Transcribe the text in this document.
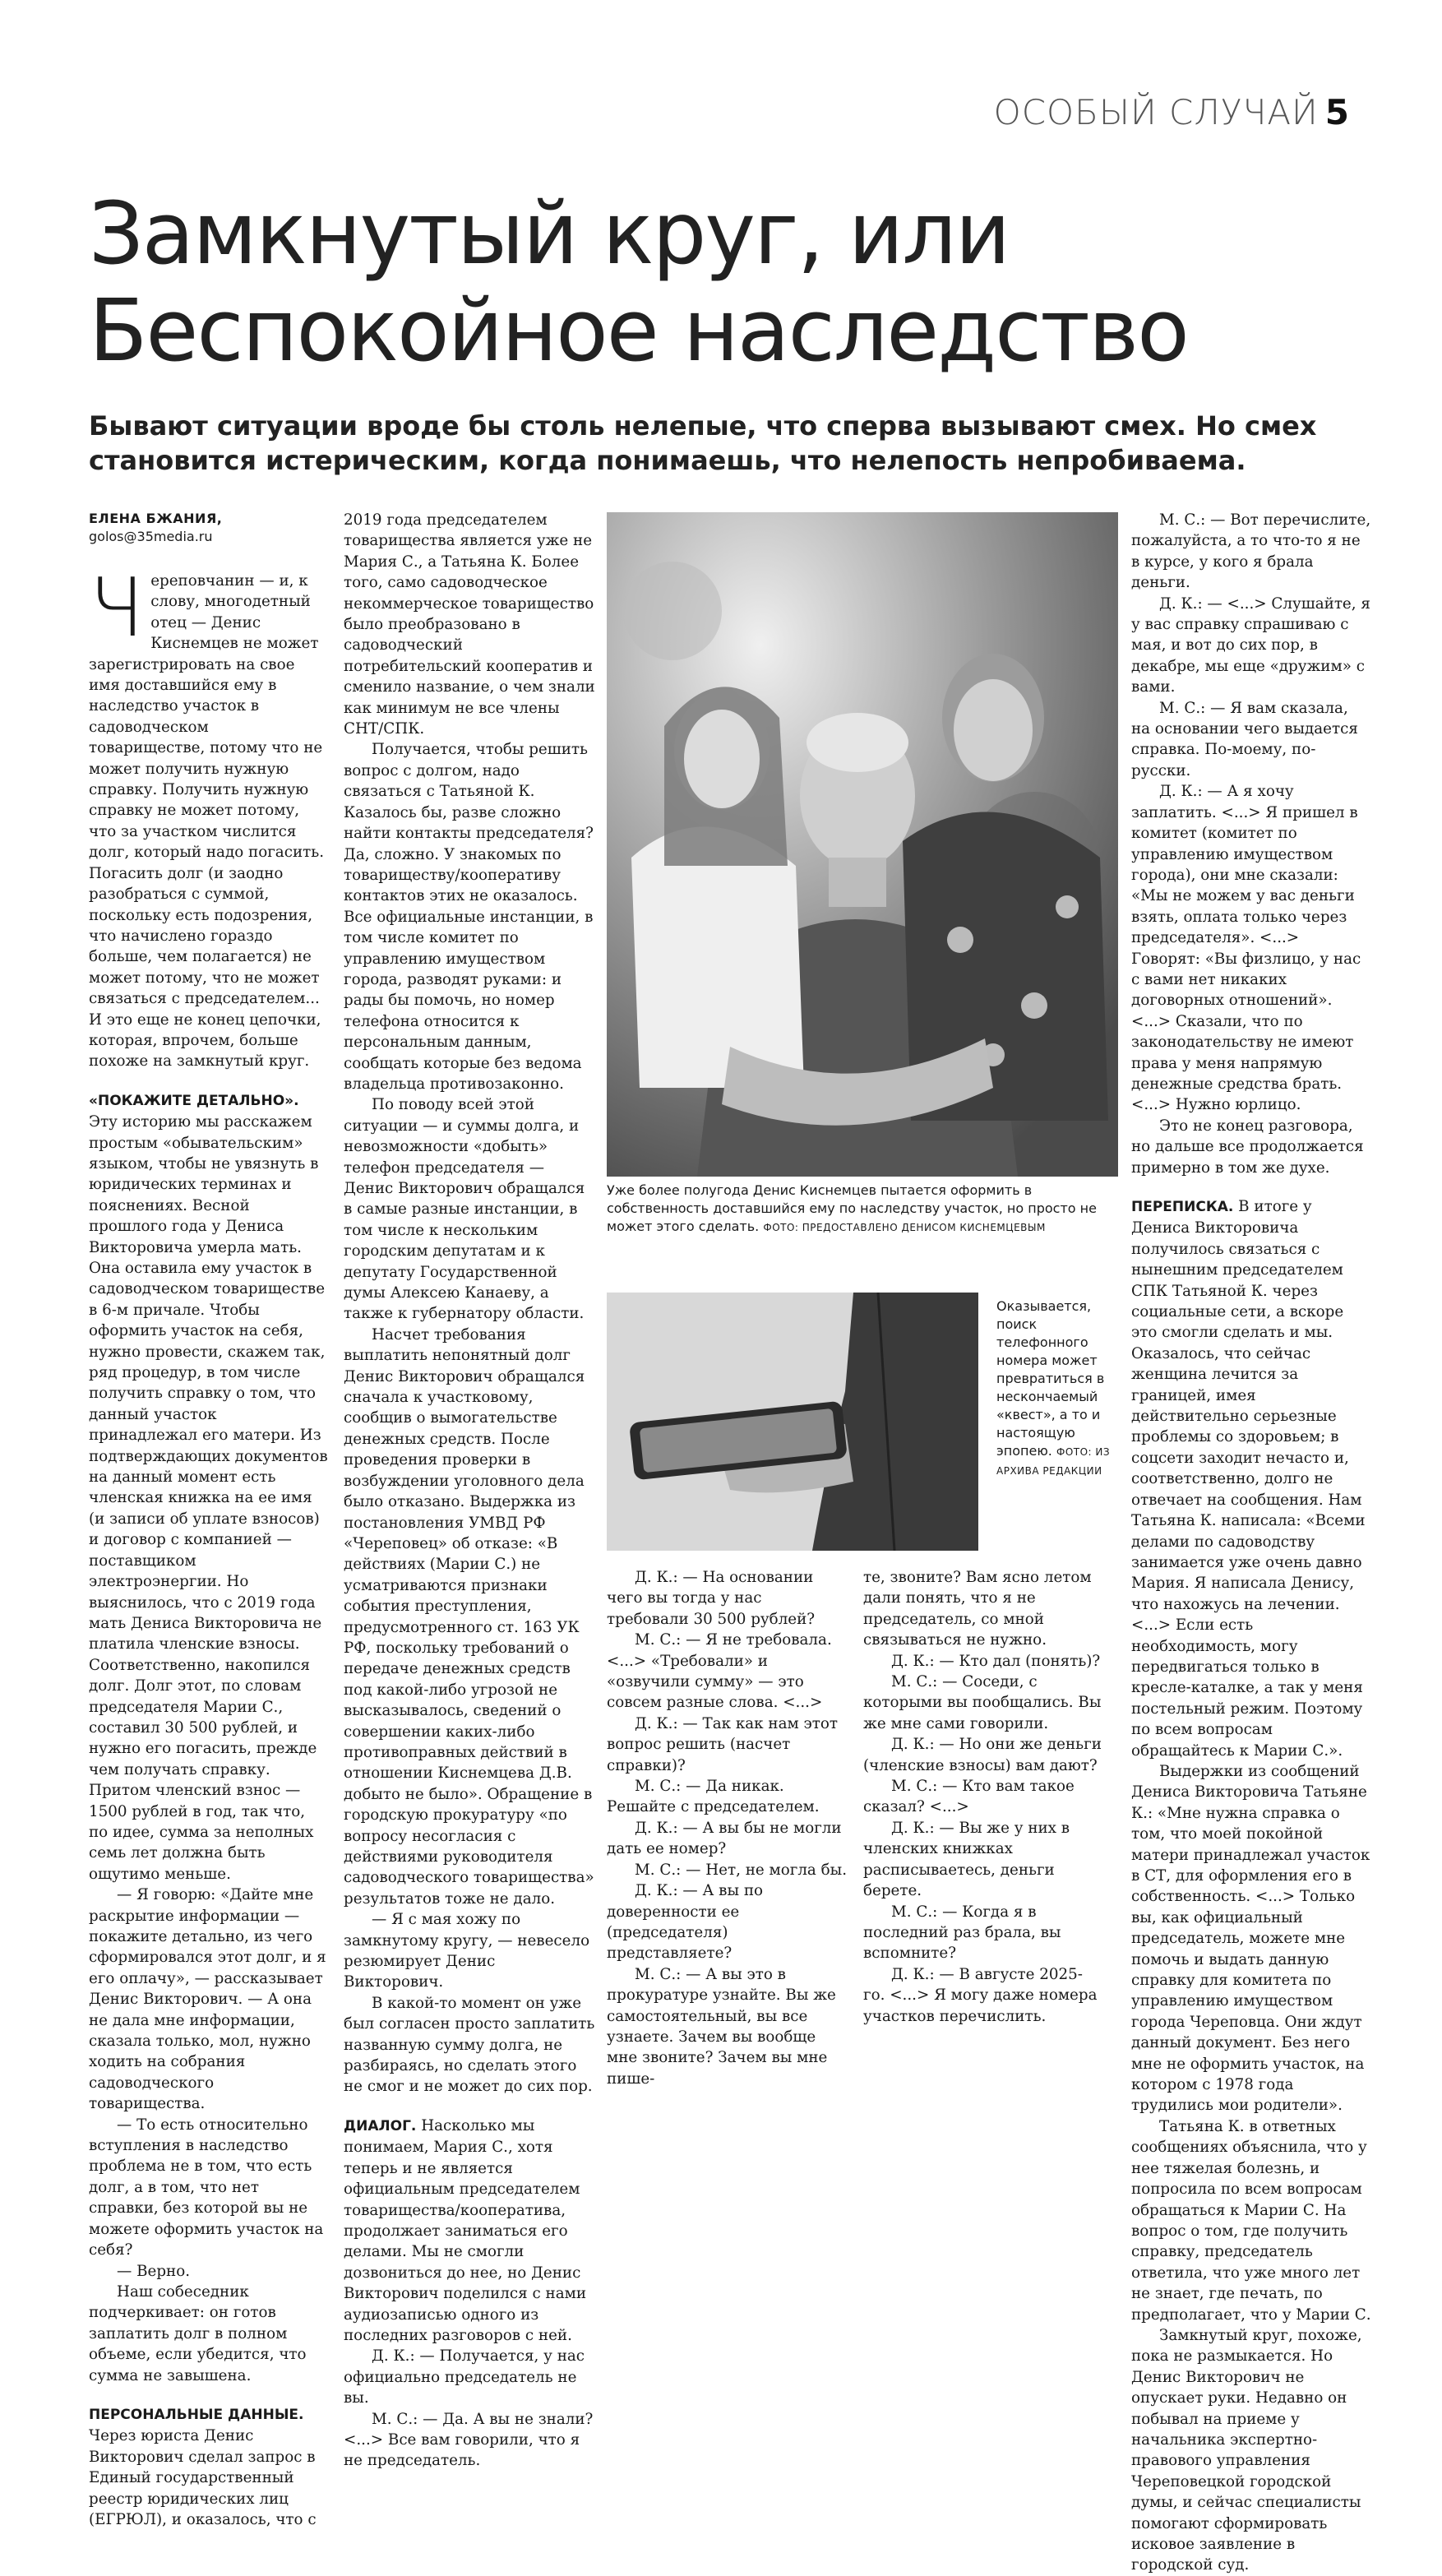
ОСОБЫЙ СЛУЧАЙ 5
Замкнутый круг, или
Беспокойное наследство
Бывают ситуации вроде бы столь нелепые, что сперва вызывают смех. Но смех становится истерическим, когда понимаешь, что нелепость непробиваема.
ЕЛЕНА БЖАНИЯ,
golos@35media.ru

Череповчанин — и, к слову, многодетный отец — Денис Киснемцев не может зарегистрировать на свое имя доставшийся ему в наследство участок в садоводческом товариществе, потому что не может получить нужную справку. Получить нужную справку не может потому, что за участком числится долг, который надо погасить. Погасить долг (и заодно разобраться с суммой, поскольку есть подозрения, что начислено гораздо больше, чем полагается) не может потому, что не может связаться с председателем... И это еще не конец цепочки, которая, впрочем, больше похоже на замкнутый круг.

«ПОКАЖИТЕ ДЕТАЛЬНО». Эту историю мы расскажем простым «обывательским» языком, чтобы не увязнуть в юридических терминах и пояснениях. Весной прошлого года у Дениса Викторовича умерла мать. Она оставила ему участок в садоводческом товариществе в 6-м причале. Чтобы оформить участок на себя, нужно провести, скажем так, ряд процедур, в том числе получить справку о том, что данный участок принадлежал его матери. Из подтверждающих документов на данный момент есть членская книжка на ее имя (и записи об уплате взносов) и договор с компанией — поставщиком электроэнергии. Но выяснилось, что с 2019 года мать Дениса Викторовича не платила членские взносы. Соответственно, накопился долг. Долг этот, по словам председателя Марии С., составил 30 500 рублей, и нужно его погасить, прежде чем получать справку. Притом членский взнос — 1500 рублей в год, так что, по идее, сумма за неполных семь лет должна быть ощутимо меньше.

— Я говорю: «Дайте мне раскрытие информации — покажите детально, из чего сформировался этот долг, и я его оплачу», — рассказывает Денис Викторович. — А она не дала мне информации, сказала только, мол, нужно ходить на собрания садоводческого товарищества.

— То есть относительно вступления в наследство проблема не в том, что есть долг, а в том, что нет справки, без которой вы не можете оформить участок на себя?

— Верно.

Наш собеседник подчеркивает: он готов заплатить долг в полном объеме, если убедится, что сумма не завышена.

ПЕРСОНАЛЬНЫЕ ДАННЫЕ. Через юриста Денис Викторович сделал запрос в Единый государственный реестр юридических лиц (ЕГРЮЛ), и оказалось, что с

2019 года председателем товарищества является уже не Мария С., а Татьяна К. Более того, само садоводческое некоммерческое товарищество было преобразовано в садоводческий потребительский кооператив и сменило название, о чем знали как минимум не все члены СНТ/СПК.

Получается, чтобы решить вопрос с долгом, надо связаться с Татьяной К. Казалось бы, разве сложно найти контакты председателя? Да, сложно. У знакомых по товариществу/кооперативу контактов этих не оказалось. Все официальные инстанции, в том числе комитет по управлению имуществом города, разводят руками: и рады бы помочь, но номер телефона относится к персональным данным, сообщать которые без ведома владельца противозаконно.

По поводу всей этой ситуации — и суммы долга, и невозможности «добыть» телефон председателя — Денис Викторович обращался в самые разные инстанции, в том числе к нескольким городским депутатам и к депутату Государственной думы Алексею Канаеву, а также к губернатору области.

Насчет требования выплатить непонятный долг Денис Викторович обращался сначала к участковому, сообщив о вымогательстве денежных средств. После проведения проверки в возбуждении уголовного дела было отказано. Выдержка из постановления УМВД РФ «Череповец» об отказе: «В действиях (Марии С.) не усматриваются признаки события преступления, предусмотренного ст. 163 УК РФ, поскольку требований о передаче денежных средств под какой-либо угрозой не высказывалось, сведений о совершении каких-либо противоправных действий в отношении Киснемцева Д.В. добыто не было». Обращение в городскую прокуратуру «по вопросу несогласия с действиями руководителя садоводческого товарищества» результатов тоже не дало.

— Я с мая хожу по замкнутому кругу, — невесело резюмирует Денис Викторович.

В какой-то момент он уже был согласен просто заплатить названную сумму долга, не разбираясь, но сделать этого не смог и не может до сих пор.

ДИАЛОГ. Насколько мы понимаем, Мария С., хотя теперь и не является официальным председателем товарищества/кооператива, продолжает заниматься его делами. Мы не смогли дозвониться до нее, но Денис Викторович поделился с нами аудиозаписью одного из последних разговоров с ней.

Д. К.: — Получается, у нас официально председатель не вы.

М. С.: — Да. А вы не знали? <...> Все вам говорили, что я не председатель.

Уже более полугода Денис Киснемцев пытается оформить в собственность доставшийся ему по наследству участок, но просто не может этого сделать. ФОТО: ПРЕДОСТАВЛЕНО ДЕНИСОМ КИСНЕМЦЕВЫМ
Оказывается, поиск телефонного номера может превратиться в нескончаемый «квест», а то и настоящую эпопею. ФОТО: ИЗ АРХИВА РЕДАКЦИИ

Д. К.: — На основании чего вы тогда у нас требовали 30 500 рублей?

М. С.: — Я не требовала. <...> «Требовали» и «озвучили сумму» — это совсем разные слова. <...>

Д. К.: — Так как нам этот вопрос решить (насчет справки)?

М. С.: — Да никак. Решайте с председателем.

Д. К.: — А вы бы не могли дать ее номер?

М. С.: — Нет, не могла бы.

Д. К.: — А вы по доверенности ее (председателя) представляете?

М. С.: — А вы это в прокуратуре узнайте. Вы же самостоятельный, вы все узнаете. Зачем вы вообще мне звоните? Зачем вы мне пише-

те, звоните? Вам ясно летом дали понять, что я не председатель, со мной связываться не нужно.

Д. К.: — Кто дал (понять)?

М. С.: — Соседи, с которыми вы пообщались. Вы же мне сами говорили.

Д. К.: — Но они же деньги (членские взносы) вам дают?

М. С.: — Кто вам такое сказал? <...>

Д. К.: — Вы же у них в членских книжках расписываетесь, деньги берете.

М. С.: — Когда я в последний раз брала, вы вспомните?

Д. К.: — В августе 2025-го. <...> Я могу даже номера участков перечислить.

М. С.: — Вот перечислите, пожалуйста, а то что-то я не в курсе, у кого я брала деньги.

Д. К.: — <...> Слушайте, я у вас справку спрашиваю с мая, и вот до сих пор, в декабре, мы еще «дружим» с вами.

М. С.: — Я вам сказала, на основании чего выдается справка. По-моему, по-русски.

Д. К.: — А я хочу заплатить. <...> Я пришел в комитет (комитет по управлению имуществом города), они мне сказали: «Мы не можем у вас деньги взять, оплата только через председателя». <...> Говорят: «Вы физлицо, у нас с вами нет никаких договорных отношений». <...> Сказали, что по законодательству не имеют права у меня напрямую денежные средства брать. <...> Нужно юрлицо.

Это не конец разговора, но дальше все продолжается примерно в том же духе.

ПЕРЕПИСКА. В итоге у Дениса Викторовича получилось связаться с нынешним председателем СПК Татьяной К. через социальные сети, а вскоре это смогли сделать и мы. Оказалось, что сейчас женщина лечится за границей, имея действительно серьезные проблемы со здоровьем; в соцсети заходит нечасто и, соответственно, долго не отвечает на сообщения. Нам Татьяна К. написала: «Всеми делами по садоводству занимается уже очень давно Мария. Я написала Денису, что нахожусь на лечении. <...> Если есть необходимость, могу передвигаться только в кресле-каталке, а так у меня постельный режим. Поэтому по всем вопросам обращайтесь к Марии С.».

Выдержки из сообщений Дениса Викторовича Татьяне К.: «Мне нужна справка о том, что моей покойной матери принадлежал участок в СТ, для оформления его в собственность. <...> Только вы, как официальный председатель, можете мне помочь и выдать данную справку для комитета по управлению имуществом города Череповца. Они ждут данный документ. Без него мне не оформить участок, на котором с 1978 года трудились мои родители».

Татьяна К. в ответных сообщениях объяснила, что у нее тяжелая болезнь, и попросила по всем вопросам обращаться к Марии С. На вопрос о том, где получить справку, председатель ответила, что уже много лет не знает, где печать, по предполагает, что у Марии С.

Замкнутый круг, похоже, пока не размыкается. Но Денис Викторович не опускает руки. Недавно он побывал на приеме у начальника экспертно-правового управления Череповецкой городской думы, и сейчас специалисты помогают сформировать исковое заявление в городской суд.
